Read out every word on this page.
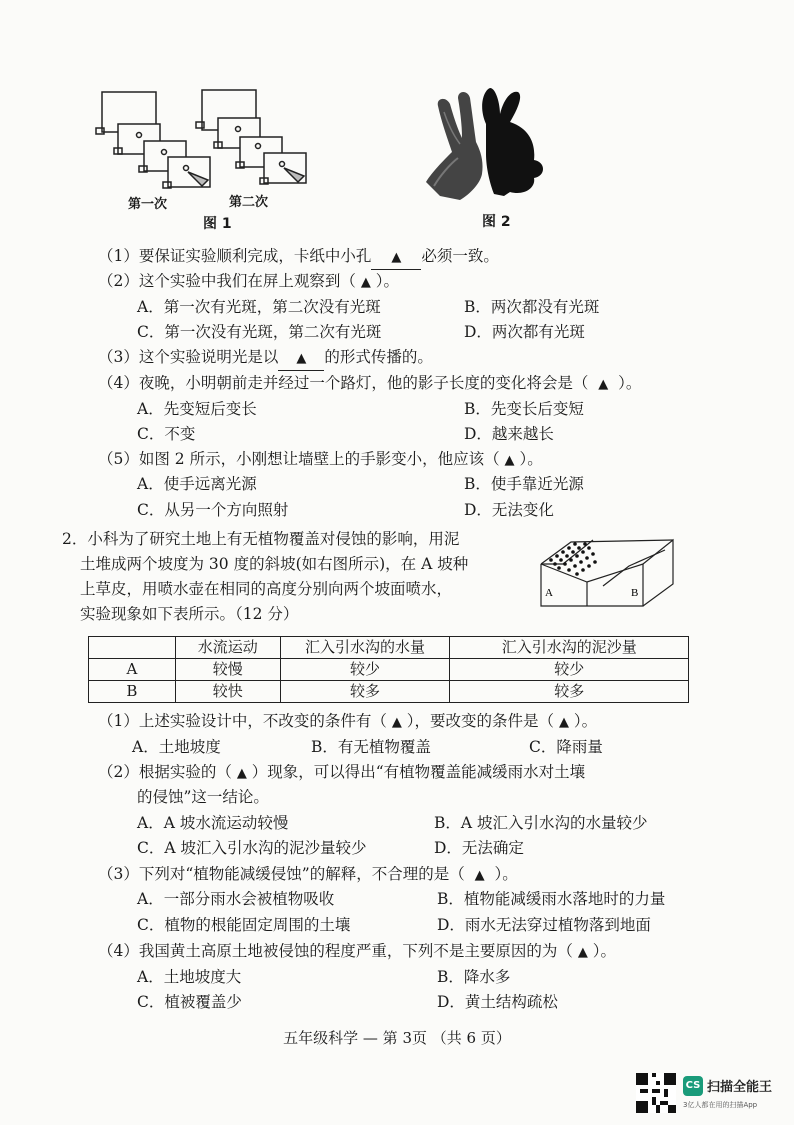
第一次	第二次
图 1	图 2
（1）要保证实验顺利完成，卡纸中小孔 ▲ 必须一致。
（2）这个实验中我们在屏上观察到（ ▲ ）。
A．第一次有光斑，第二次没有光斑	B．两次都没有光斑
C．第一次没有光斑，第二次有光斑	D．两次都有光斑
（3）这个实验说明光是以 ▲ 的形式传播的。
（4）夜晚，小明朝前走并经过一个路灯，他的影子长度的变化将会是（ ▲ ）。
A．先变短后变长	B．先变长后变短
C．不变	D．越来越长
（5）如图 2 所示，小刚想让墙壁上的手影变小，他应该（ ▲ ）。
A．使手远离光源	B．使手靠近光源
C．从另一个方向照射	D．无法变化
2．小科为了研究土地上有无植物覆盖对侵蚀的影响，用泥
土堆成两个坡度为 30 度的斜坡(如右图所示)，在 A 坡种
上草皮，用喷水壶在相同的高度分别向两个坡面喷水，
实验现象如下表所示。（12 分）
A	B
	水流运动	汇入引水沟的水量	汇入引水沟的泥沙量
A	较慢	较少	较少
B	较快	较多	较多
（1）上述实验设计中，不改变的条件有（ ▲ ），要改变的条件是（ ▲ ）。
A．土地坡度	B．有无植物覆盖	C．降雨量
（2）根据实验的（ ▲ ）现象，可以得出“有植物覆盖能减缓雨水对土壤
的侵蚀”这一结论。
A．A 坡水流运动较慢	B．A 坡汇入引水沟的水量较少
C．A 坡汇入引水沟的泥沙量较少	D．无法确定
（3）下列对“植物能减缓侵蚀”的解释，不合理的是（ ▲ ）。
A．一部分雨水会被植物吸收	B．植物能减缓雨水落地时的力量
C．植物的根能固定周围的土壤	D．雨水无法穿过植物落到地面
（4）我国黄土高原土地被侵蚀的程度严重，下列不是主要原因的为（ ▲ ）。
A．土地坡度大	B．降水多
C．植被覆盖少	D．黄土结构疏松
五年级科学 — 第 3页 （共 6 页）
CS 扫描全能王
3亿人都在用的扫描App
